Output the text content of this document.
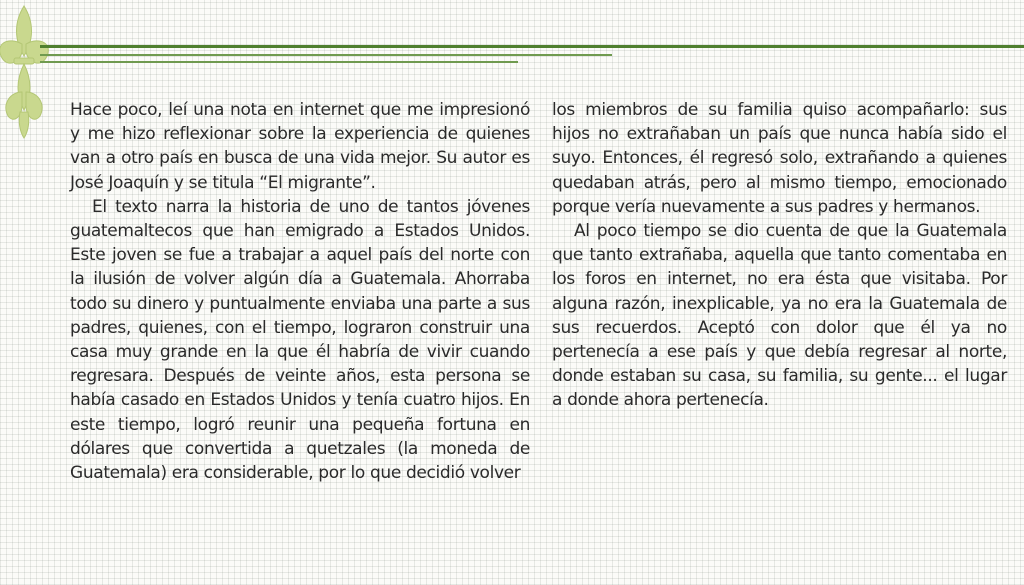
Hace poco, leí una nota en internet que me impresionó y me hizo reflexionar sobre la experiencia de quienes van a otro país en busca de una vida mejor. Su autor es José Joaquín y se titula “El migrante”.

El texto narra la historia de uno de tantos jóvenes guatemaltecos que han emigrado a Estados Unidos. Este joven se fue a trabajar a aquel país del norte con la ilusión de volver algún día a Guatemala. Ahorraba todo su dinero y puntualmente enviaba una parte a sus padres, quienes, con el tiempo, lograron construir una casa muy grande en la que él habría de vivir cuando regresara. Después de veinte años, esta persona se había casado en Estados Unidos y tenía cuatro hijos. En este tiempo, logró reunir una pequeña fortuna en dólares que convertida a quetzales (la moneda de Guatemala) era considerable, por lo que decidió volver

los miembros de su familia quiso acompañarlo: sus hijos no extrañaban un país que nunca había sido el suyo. Entonces, él regresó solo, extrañando a quienes quedaban atrás, pero al mismo tiempo, emocionado porque vería nuevamente a sus padres y hermanos.

Al poco tiempo se dio cuenta de que la Guatemala que tanto extrañaba, aquella que tanto comentaba en los foros en internet, no era ésta que visitaba. Por alguna razón, inexplicable, ya no era la Guatemala de sus recuerdos. Aceptó con dolor que él ya no pertenecía a ese país y que debía regresar al norte, donde estaban su casa, su familia, su gente... el lugar a donde ahora pertenecía.
